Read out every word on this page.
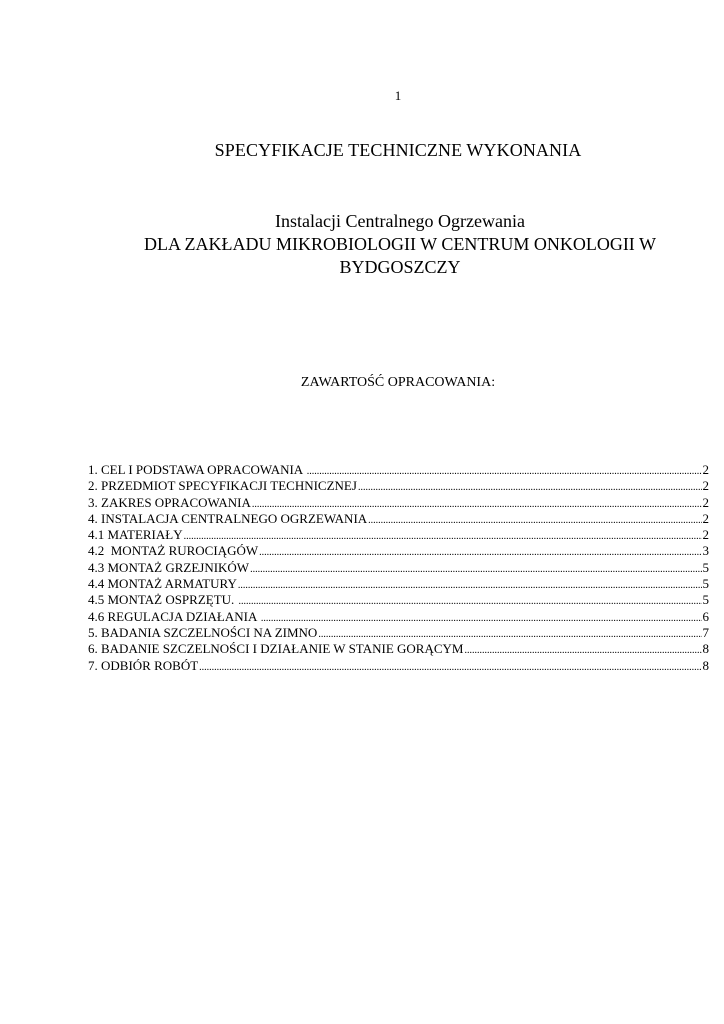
1
SPECYFIKACJE TECHNICZNE WYKONANIA
Instalacji Centralnego Ogrzewania
DLA ZAKŁADU MIKROBIOLOGII W CENTRUM ONKOLOGII W
BYDGOSZCZY
ZAWARTOŚĆ OPRACOWANIA:
1. CEL I PODSTAWA OPRACOWANIA .....	2
2. PRZEDMIOT SPECYFIKACJI TECHNICZNEJ .....	2
3. ZAKRES OPRACOWANIA .....	2
4. INSTALACJA CENTRALNEGO OGRZEWANIA .....	2
4.1 MATERIAŁY .....	2
4.2  MONTAŻ RUROCIĄGÓW .....	3
4.3 MONTAŻ GRZEJNIKÓW .....	5
4.4 MONTAŻ ARMATURY .....	5
4.5 MONTAŻ OSPRZĘTU. .....	5
4.6 REGULACJA DZIAŁANIA .....	6
5. BADANIA SZCZELNOŚCI NA ZIMNO .....	7
6. BADANIE SZCZELNOŚCI I DZIAŁANIE W STANIE GORĄCYM .....	8
7. ODBIÓR ROBÓT .....	8
